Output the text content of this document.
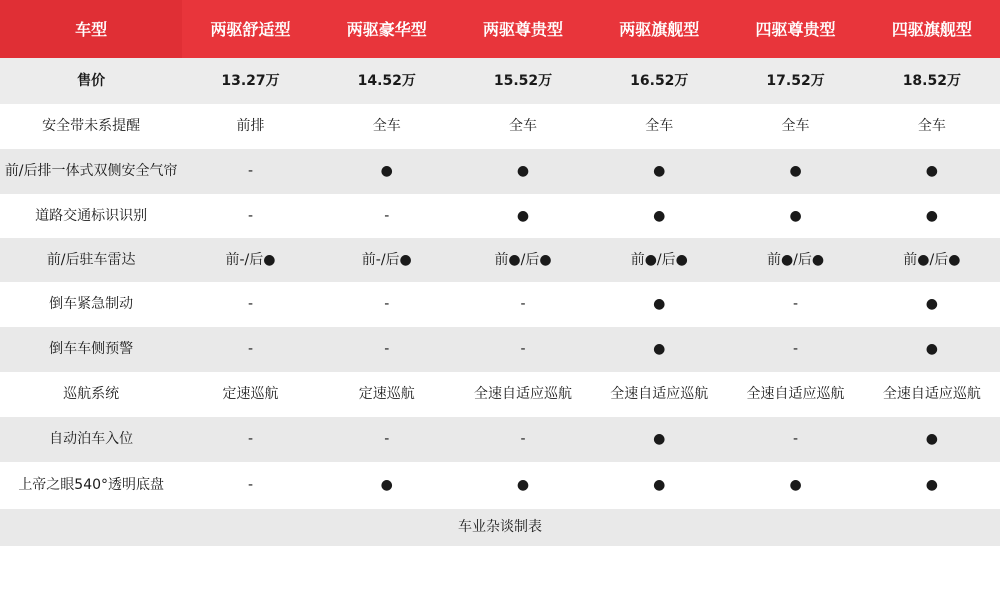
车型	两驱舒适型	两驱豪华型	两驱尊贵型	两驱旗舰型	四驱尊贵型	四驱旗舰型
售价	13.27万	14.52万	15.52万	16.52万	17.52万	18.52万
安全带未系提醒	前排	全车	全车	全车	全车	全车
前/后排一体式双侧安全气帘	-	●	●	●	●	●
道路交通标识识别	-	-	●	●	●	●
前/后驻车雷达	前-/后●	前-/后●	前●/后●	前●/后●	前●/后●	前●/后●
倒车紧急制动	-	-	-	●	-	●
倒车车侧预警	-	-	-	●	-	●
巡航系统	定速巡航	定速巡航	全速自适应巡航	全速自适应巡航	全速自适应巡航	全速自适应巡航
自动泊车入位	-	-	-	●	-	●
上帝之眼540°透明底盘	-	●	●	●	●	●
车业杂谈制表						
